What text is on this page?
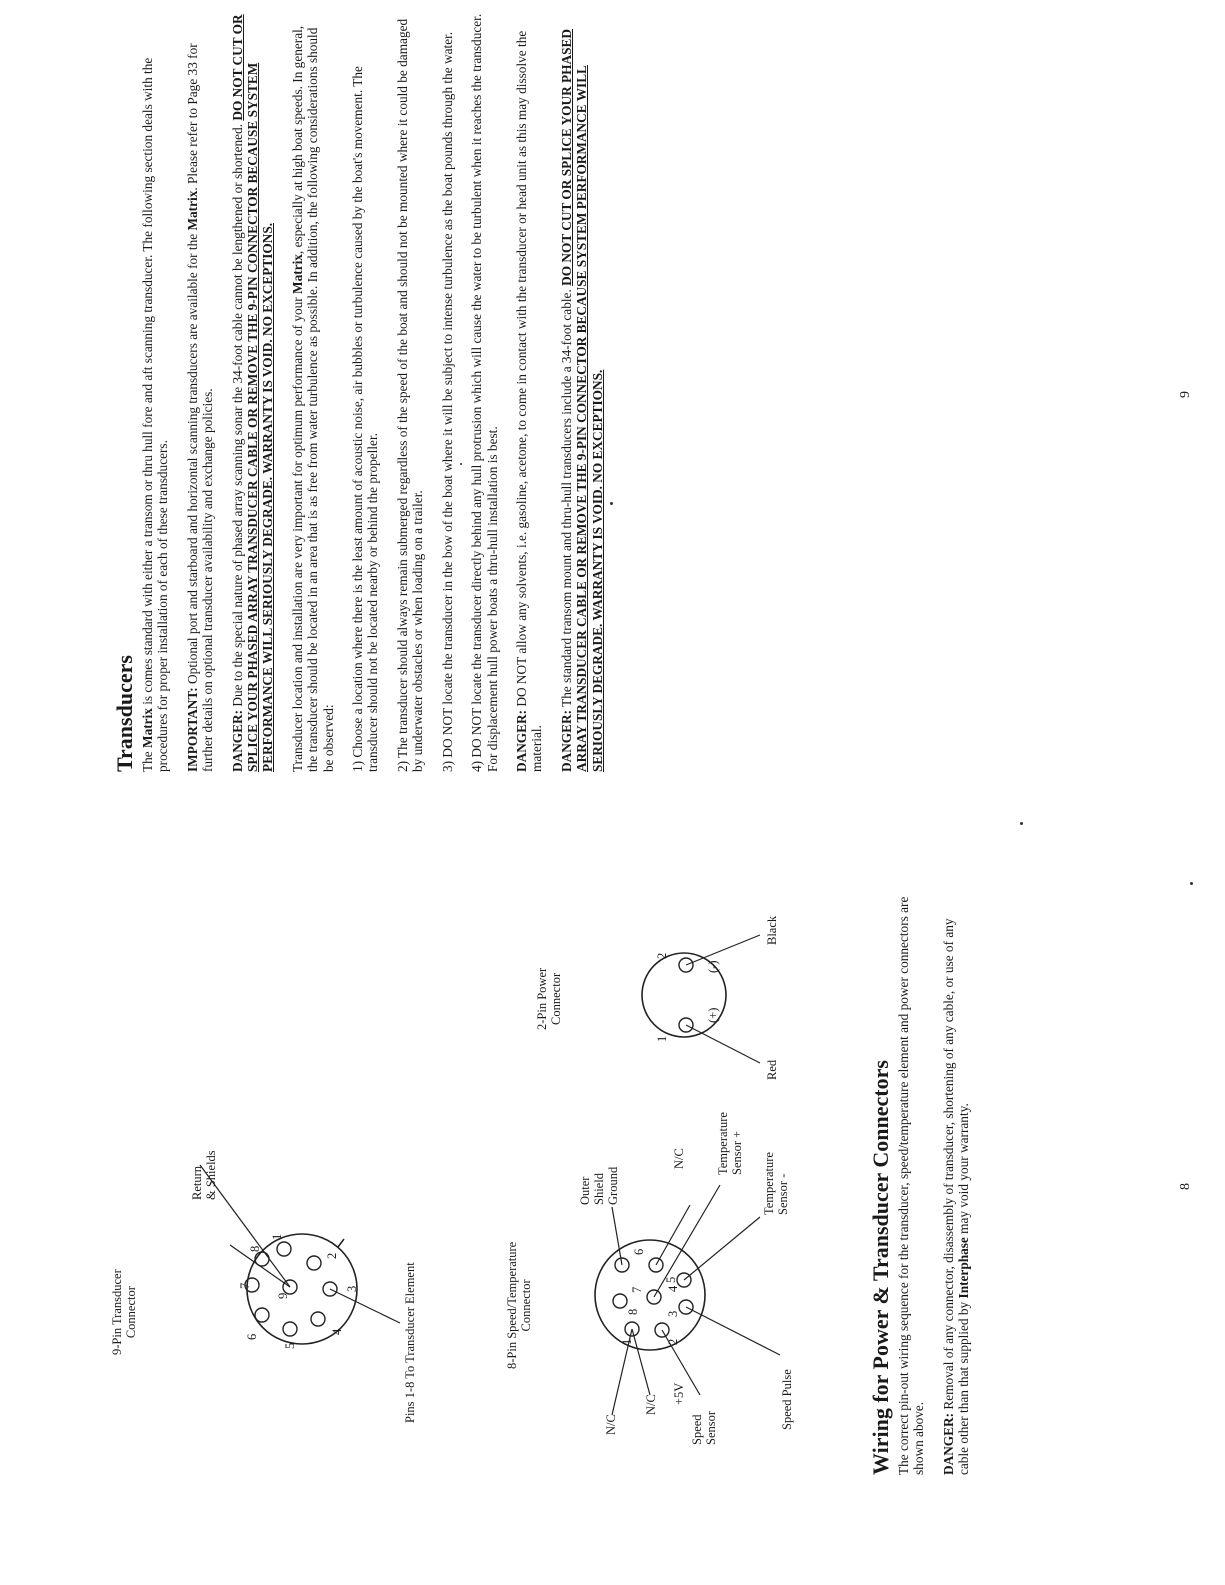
9-Pin Transducer
Connector
Return
& Shields
Pins 1-8 To Transducer Element
1
2
3
4
5
6
7
8
9
8-Pin Speed/Temperature
Connector
N/C
N/C +5V
Speed
Sensor	Speed Pulse
Outer
Shield
Ground
N/C Temperature
Sensor +
Temperature
Sensor -
1	2
3
4
5
6
7
8
2-Pin Power
Connector
1
2
(+)
(-)
Red
Black
Wiring for Power & Transducer Connectors The correct pin-out wiring sequence for the transducer, speed/temperature element and power connectors are shown above. DANGER: Removal of any connector, disassembly of transducer, shortening of any cable, or use of any cable other than that supplied by Interphase may void your warranty.	8
Transducers The Matrix is comes standard with either a transom or thru hull fore and aft scanning transducer. The following section deals with the procedures for proper installation of each of these transducers. IMPORTANT: Optional port and starboard and horizontal scanning transducers are available for the Matrix. Please refer to Page 33 for further details on optional transducer availability and exchange policies. DANGER: Due to the special nature of phased array scanning sonar the 34-foot cable cannot be lengthened or shortened. DO NOT CUT OR SPLICE YOUR PHASED ARRAY TRANSDUCER CABLE OR REMOVE THE 9-PIN CONNECTOR BECAUSE SYSTEM PERFORMANCE WILL SERIOUSLY DEGRADE. WARRANTY IS VOID. NO EXCEPTIONS. Transducer location and installation are very important for optimum performance of your Matrix, especially at high boat speeds. In general, the transducer should be located in an area that is as free from water turbulence as possible. In addition, the following considerations should be observed: 1) Choose a location where there is the least amount of acoustic noise, air bubbles or turbulence caused by the boat's movement. The transducer should not be located nearby or behind the propeller. 2) The transducer should always remain submerged regardless of the speed of the boat and should not be mounted where it could be damaged by underwater obstacles or when loading on a trailer. 3) DO NOT locate the transducer in the bow of the boat where it will be subject to intense turbulence as the boat pounds through the water. 4) DO NOT locate the transducer directly behind any hull protrusion which will cause the water to be turbulent when it reaches the transducer. For displacement hull power boats a thru-hull installation is best. DANGER: DO NOT allow any solvents, i.e. gasoline, acetone, to come in contact with the transducer or head unit as this may dissolve the material. DANGER: The standard transom mount and thru-hull transducers include a 34-foot cable. DO NOT CUT OR SPLICE YOUR PHASED ARRAY TRANSDUCER CABLE OR REMOVE THE 9-PIN CONNECTOR BECAUSE SYSTEM PERFORMANCE WILL SERIOUSLY DEGRADE. WARRANTY IS VOID. NO EXCEPTIONS.	9
